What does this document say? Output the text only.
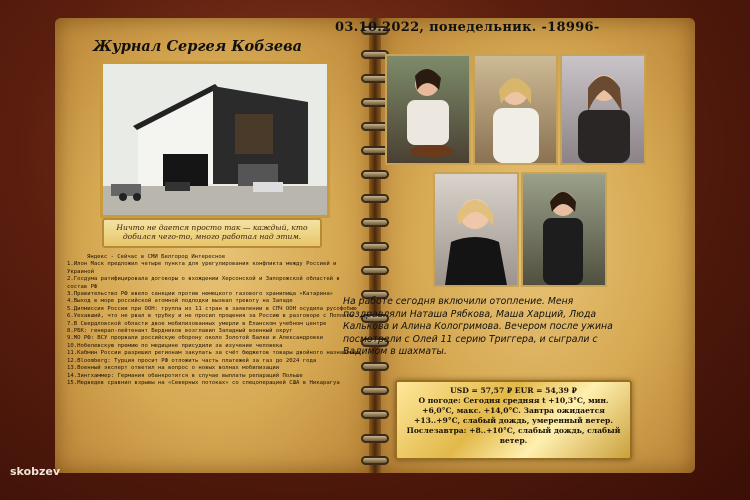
Журнал Сергея Кобзева
Ничто не дается просто так — каждый, кто добился чего-то, много работал над этим.
Яндекс - Сейчас в СМИ Белгород Интересное
1.Илон Маск предложил четыре пункта для урегулирования конфликта между Россией и Украиной
2.Госдума ратифицировала договоры о вхождении Херсонской и Запорожской областей в состав РФ
3.Правительство РФ ввело санкции против немецкого газового хранилища «Катарина»
4.Выход в море российской атомной подлодки вызвал тревогу на Западе
5.Дипмиссия России при ООН: группа из 11 стран в заявлении в СПЧ ООН осудила русофобию
6.Уехавший, что не рвал в трубку и не просил прощения за Россию в разговоре с Поповом
7.В Свердловской области двое мобилизованных умерли в Еланском учебном центре
8.РБК: генерал-лейтенант Бердников возглавил Западный военный округ
9.МО РФ: ВСУ прорвали российскую оборону около Золотой Балки и Александровки
10.Нобелевскую премию по медицине присудили за изучение человека
11.Кабмин России разрешил регионам закупать за счёт бюджетов товары двойного назначения
12.Bloomberg: Турция просит РФ отложить часть платежей за газ до 2024 года
13.Военный эксперт ответил на вопрос о новых волнах мобилизации
14.Зингхаммер: Германия обанкротится в случае выплаты репараций Польше
15.Медведев сравнил взрывы на «Северных потоках» со спецоперацией США в Никарагуа
03.10.2022, понедельник. -18996-
На работе сегодня включили отопление. Меня поздравляли Наташа Рябкова, Маша Харций, Люда Калькова и Алина Кологримова. Вечером после ужина посмотрели с Олей 11 серию Триггера, и сыграли с Вадимом в шахматы.
USD = 57,57 ₽ EUR = 54,39 ₽
О погоде: Сегодня средняя t +10,3°C, мин. +6,0°C, макс. +14,0°C. Завтра ожидается +13..+9°C, слабый дождь, умеренный ветер. Послезавтра: +8..+10°C, слабый дождь, слабый ветер.
skobzev
